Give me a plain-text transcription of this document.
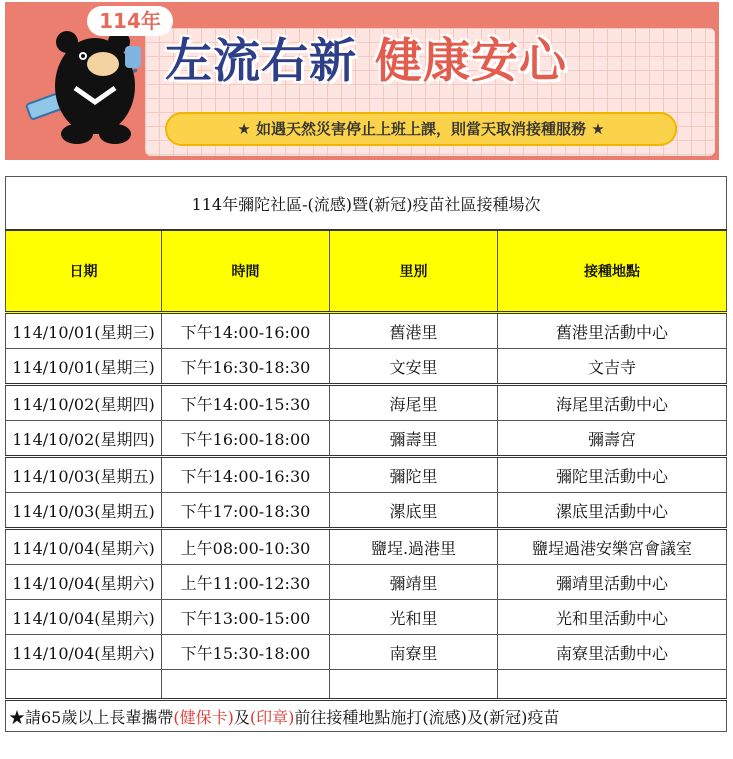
114年
左流右新 健康安心
★ 如遇天然災害停止上班上課，則當天取消接種服務 ★
114年彌陀社區-(流感)暨(新冠)疫苗社區接種場次			
日期	時間	里別	接種地點
114/10/01(星期三)	下午14:00-16:00	舊港里	舊港里活動中心
114/10/01(星期三)	下午16:30-18:30	文安里	文吉寺
114/10/02(星期四)	下午14:00-15:30	海尾里	海尾里活動中心
114/10/02(星期四)	下午16:00-18:00	彌壽里	彌壽宮
114/10/03(星期五)	下午14:00-16:30	彌陀里	彌陀里活動中心
114/10/03(星期五)	下午17:00-18:30	漯底里	漯底里活動中心
114/10/04(星期六)	上午08:00-10:30	鹽埕.過港里	鹽埕過港安樂宮會議室
114/10/04(星期六)	上午11:00-12:30	彌靖里	彌靖里活動中心
114/10/04(星期六)	下午13:00-15:00	光和里	光和里活動中心
114/10/04(星期六)	下午15:30-18:00	南寮里	南寮里活動中心

★請65歲以上長輩攜帶(健保卡)及(印章)前往接種地點施打(流感)及(新冠)疫苗			
